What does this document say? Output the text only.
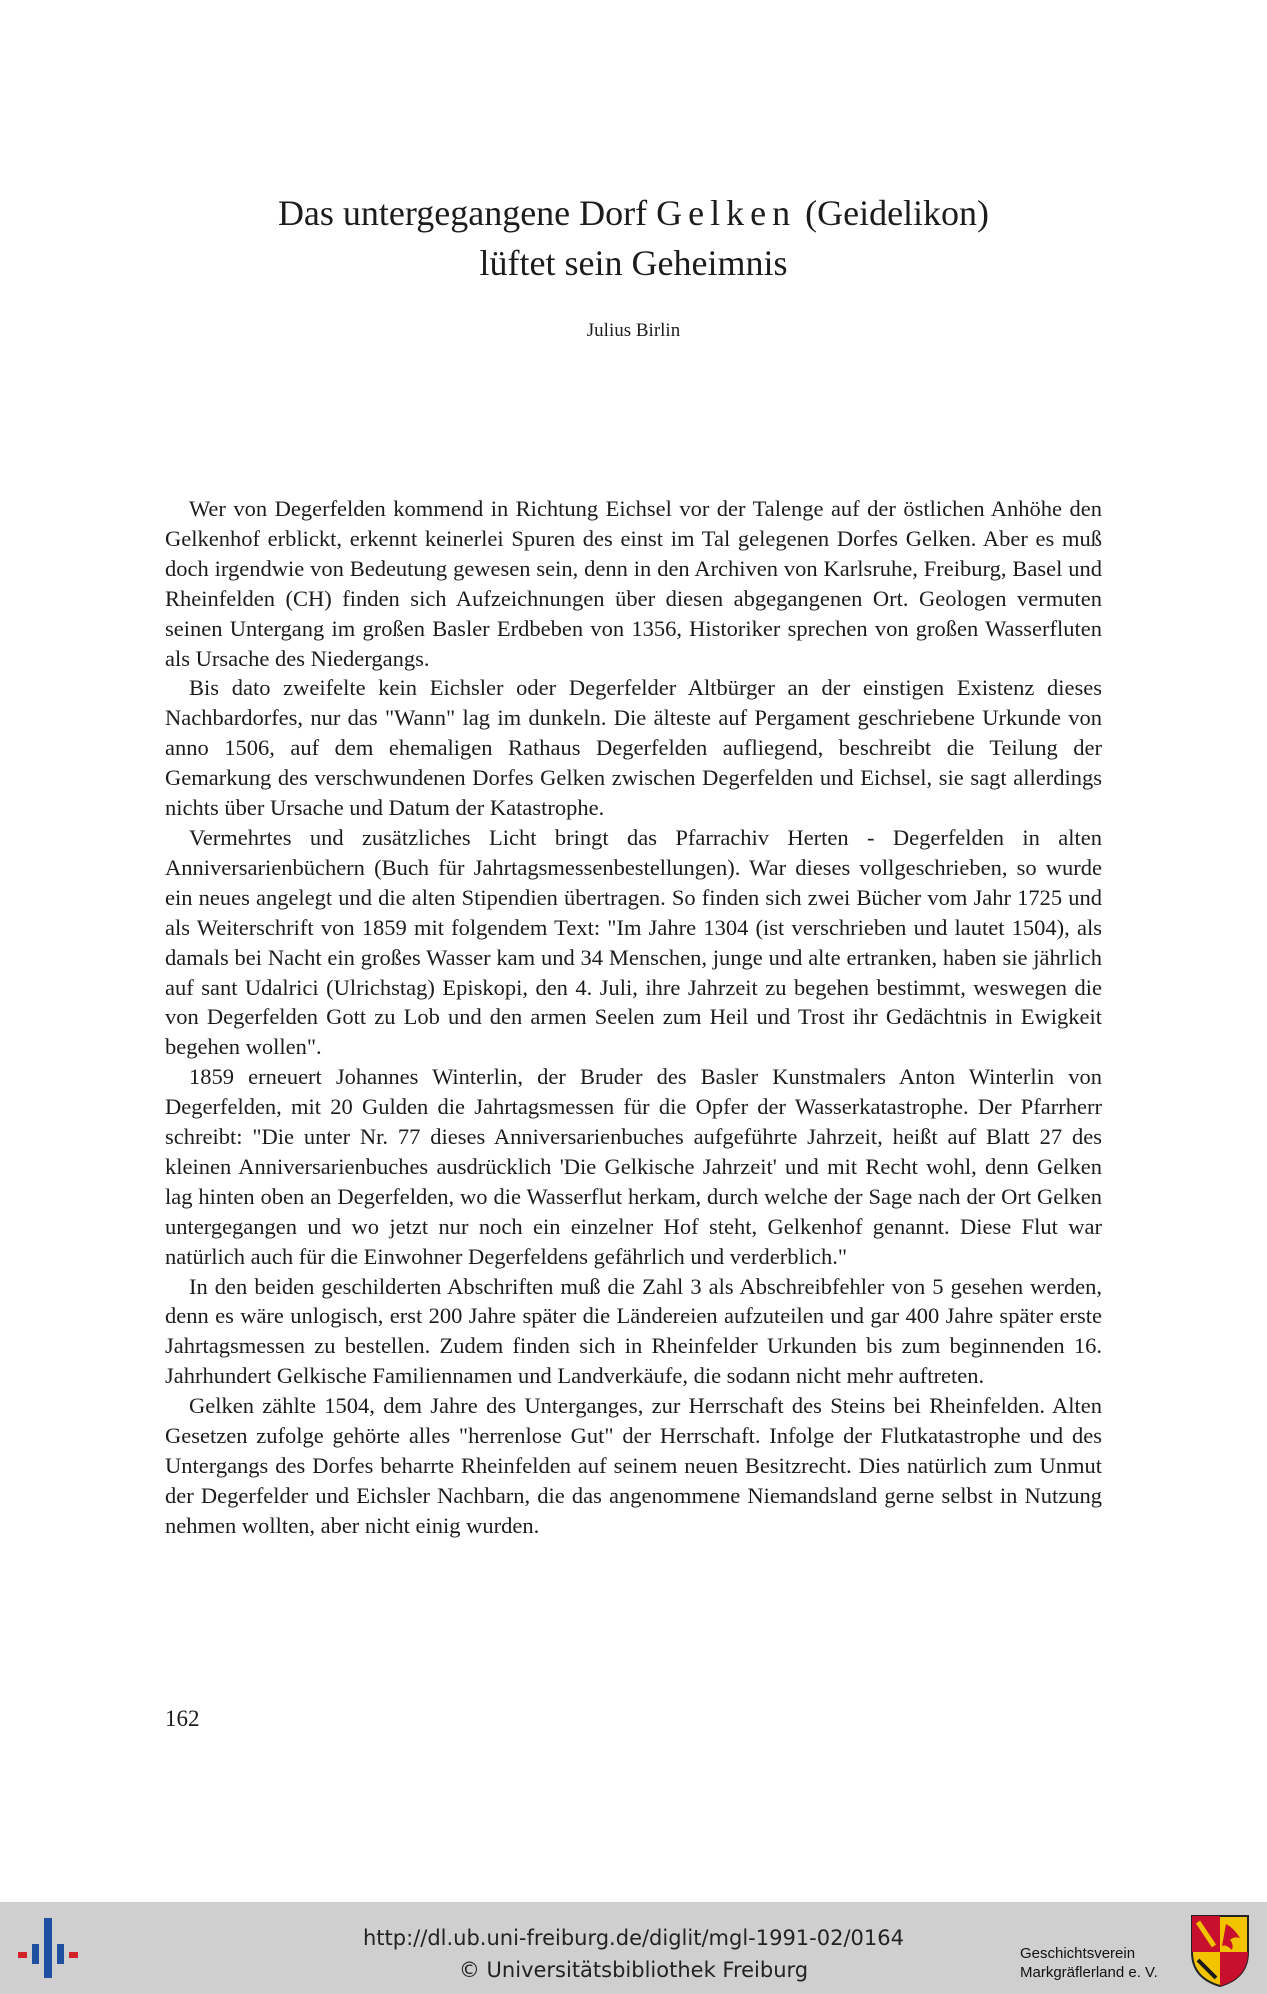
Das untergegangene Dorf Gelken (Geidelikon)
lüftet sein Geheimnis

Julius Birlin

Wer von Degerfelden kommend in Richtung Eichsel vor der Talenge auf der östlichen Anhöhe den Gelkenhof erblickt, erkennt keinerlei Spuren des einst im Tal gelegenen Dorfes Gelken. Aber es muß doch irgendwie von Bedeutung gewesen sein, denn in den Archiven von Karlsruhe, Freiburg, Basel und Rheinfelden (CH) finden sich Aufzeichnungen über diesen abgegangenen Ort. Geologen vermuten seinen Untergang im großen Basler Erdbeben von 1356, Historiker sprechen von großen Wasserfluten als Ursache des Niedergangs.

Bis dato zweifelte kein Eichsler oder Degerfelder Altbürger an der einstigen Existenz dieses Nachbardorfes, nur das "Wann" lag im dunkeln. Die älteste auf Pergament geschriebene Urkunde von anno 1506, auf dem ehemaligen Rathaus Degerfelden aufliegend, beschreibt die Teilung der Gemarkung des verschwundenen Dorfes Gelken zwischen Degerfelden und Eichsel, sie sagt allerdings nichts über Ursache und Datum der Katastrophe.

Vermehrtes und zusätzliches Licht bringt das Pfarrachiv Herten - Degerfelden in alten Anniversarienbüchern (Buch für Jahrtagsmessenbestellungen). War dieses vollgeschrieben, so wurde ein neues angelegt und die alten Stipendien übertragen. So finden sich zwei Bücher vom Jahr 1725 und als Weiterschrift von 1859 mit folgendem Text: "Im Jahre 1304 (ist verschrieben und lautet 1504), als damals bei Nacht ein großes Wasser kam und 34 Menschen, junge und alte ertranken, haben sie jährlich auf sant Udalrici (Ulrichstag) Episkopi, den 4. Juli, ihre Jahrzeit zu begehen bestimmt, weswegen die von Degerfelden Gott zu Lob und den armen Seelen zum Heil und Trost ihr Gedächtnis in Ewigkeit begehen wollen".

1859 erneuert Johannes Winterlin, der Bruder des Basler Kunstmalers Anton Winterlin von Degerfelden, mit 20 Gulden die Jahrtagsmessen für die Opfer der Wasserkatastrophe. Der Pfarrherr schreibt: "Die unter Nr. 77 dieses Anniversarienbuches aufgeführte Jahrzeit, heißt auf Blatt 27 des kleinen Anniversarienbuches ausdrücklich 'Die Gelkische Jahrzeit' und mit Recht wohl, denn Gelken lag hinten oben an Degerfelden, wo die Wasserflut herkam, durch welche der Sage nach der Ort Gelken untergegangen und wo jetzt nur noch ein einzelner Hof steht, Gelkenhof genannt. Diese Flut war natürlich auch für die Einwohner Degerfeldens gefährlich und verderblich."

In den beiden geschilderten Abschriften muß die Zahl 3 als Abschreibfehler von 5 gesehen werden, denn es wäre unlogisch, erst 200 Jahre später die Ländereien aufzuteilen und gar 400 Jahre später erste Jahrtagsmessen zu bestellen. Zudem finden sich in Rheinfelder Urkunden bis zum beginnenden 16. Jahrhundert Gelkische Familiennamen und Landverkäufe, die sodann nicht mehr auftreten.

Gelken zählte 1504, dem Jahre des Unterganges, zur Herrschaft des Steins bei Rheinfelden. Alten Gesetzen zufolge gehörte alles "herrenlose Gut" der Herrschaft. Infolge der Flutkatastrophe und des Untergangs des Dorfes beharrte Rheinfelden auf seinem neuen Besitzrecht. Dies natürlich zum Unmut der Degerfelder und Eichsler Nachbarn, die das angenommene Niemandsland gerne selbst in Nutzung nehmen wollten, aber nicht einig wurden.

162

http://dl.ub.uni-freiburg.de/diglit/mgl-1991-02/0164
© Universitätsbibliothek Freiburg
Geschichtsverein
Markgräflerland e. V.
